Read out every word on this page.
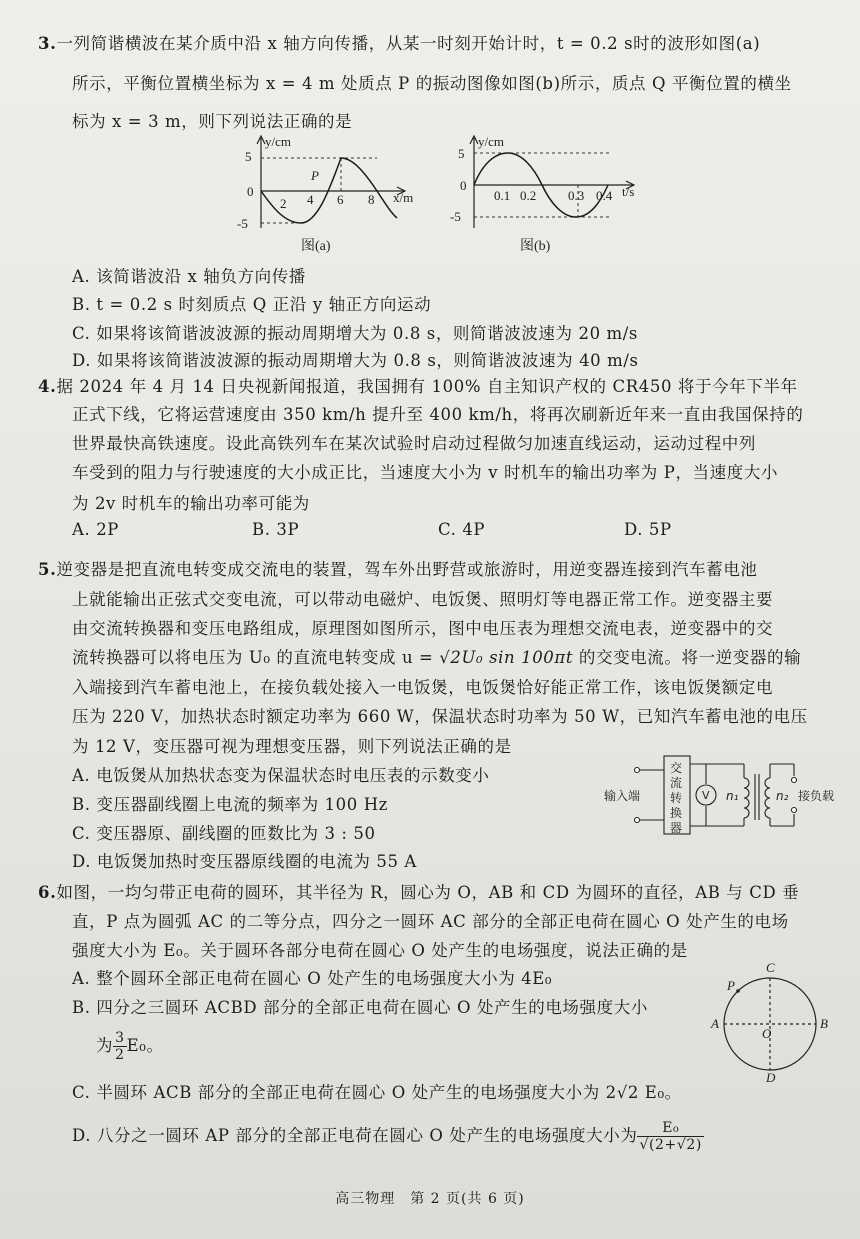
3.一列简谐横波在某介质中沿 x 轴方向传播，从某一时刻开始计时，t = 0.2 s时的波形如图(a)
所示，平衡位置横坐标为 x = 4 m 处质点 P 的振动图像如图(b)所示，质点 Q 平衡位置的横坐
标为 x = 3 m，则下列说法正确的是
y/cm
x/m
5
0
-5
2 4 6 8
P
图(a)
y/cm
t/s
5
0
-5
0.1 0.2 0.3 0.4
图(b)
A. 该简谐波沿 x 轴负方向传播
B. t = 0.2 s 时刻质点 Q 正沿 y 轴正方向运动
C. 如果将该简谐波波源的振动周期增大为 0.8 s，则简谐波波速为 20 m/s
D. 如果将该简谐波波源的振动周期增大为 0.8 s，则简谐波波速为 40 m/s
4.据 2024 年 4 月 14 日央视新闻报道，我国拥有 100% 自主知识产权的 CR450 将于今年下半年
正式下线，它将运营速度由 350 km/h 提升至 400 km/h，将再次刷新近年来一直由我国保持的
世界最快高铁速度。设此高铁列车在某次试验时启动过程做匀加速直线运动，运动过程中列
车受到的阻力与行驶速度的大小成正比，当速度大小为 v 时机车的输出功率为 P，当速度大小
为 2v 时机车的输出功率可能为
A. 2P	B. 3P	C. 4P	D. 5P
5.逆变器是把直流电转变成交流电的装置，驾车外出野营或旅游时，用逆变器连接到汽车蓄电池
上就能输出正弦式交变电流，可以带动电磁炉、电饭煲、照明灯等电器正常工作。逆变器主要
由交流转换器和变压电路组成，原理图如图所示，图中电压表为理想交流电表，逆变器中的交
流转换器可以将电压为 U₀ 的直流电转变成 u = √2U₀ sin 100πt 的交变电流。将一逆变器的输
入端接到汽车蓄电池上，在接负载处接入一电饭煲，电饭煲恰好能正常工作，该电饭煲额定电
压为 220 V，加热状态时额定功率为 660 W，保温状态时功率为 50 W，已知汽车蓄电池的电压
为 12 V，变压器可视为理想变压器，则下列说法正确的是
A. 电饭煲从加热状态变为保温状态时电压表的示数变小
B. 变压器副线圈上电流的频率为 100 Hz
C. 变压器原、副线圈的匝数比为 3 : 50
D. 电饭煲加热时变压器原线圈的电流为 55 A
输入端
交
流
转
换
器
V n₁	n₂ 接负载
6.如图，一均匀带正电荷的圆环，其半径为 R，圆心为 O，AB 和 CD 为圆环的直径，AB 与 CD 垂
直，P 点为圆弧 AC 的二等分点，四分之一圆环 AC 部分的全部正电荷在圆心 O 处产生的电场
强度大小为 E₀。关于圆环各部分电荷在圆心 O 处产生的电场强度，说法正确的是
A. 整个圆环全部正电荷在圆心 O 处产生的电场强度大小为 4E₀
B. 四分之三圆环 ACBD 部分的全部正电荷在圆心 O 处产生的电场强度大小
为 $\frac{3}{2} E_0$。
C. 半圆环 ACB 部分的全部正电荷在圆心 O 处产生的电场强度大小为 2√2 E₀。
D. 八分之一圆环 AP 部分的全部正电荷在圆心 O 处产生的电场强度大小为 $\frac{\text{E₀}}{√(2+√2)}$
C
P
A
O
B
D
高三物理　第 2 页(共 6 页)
